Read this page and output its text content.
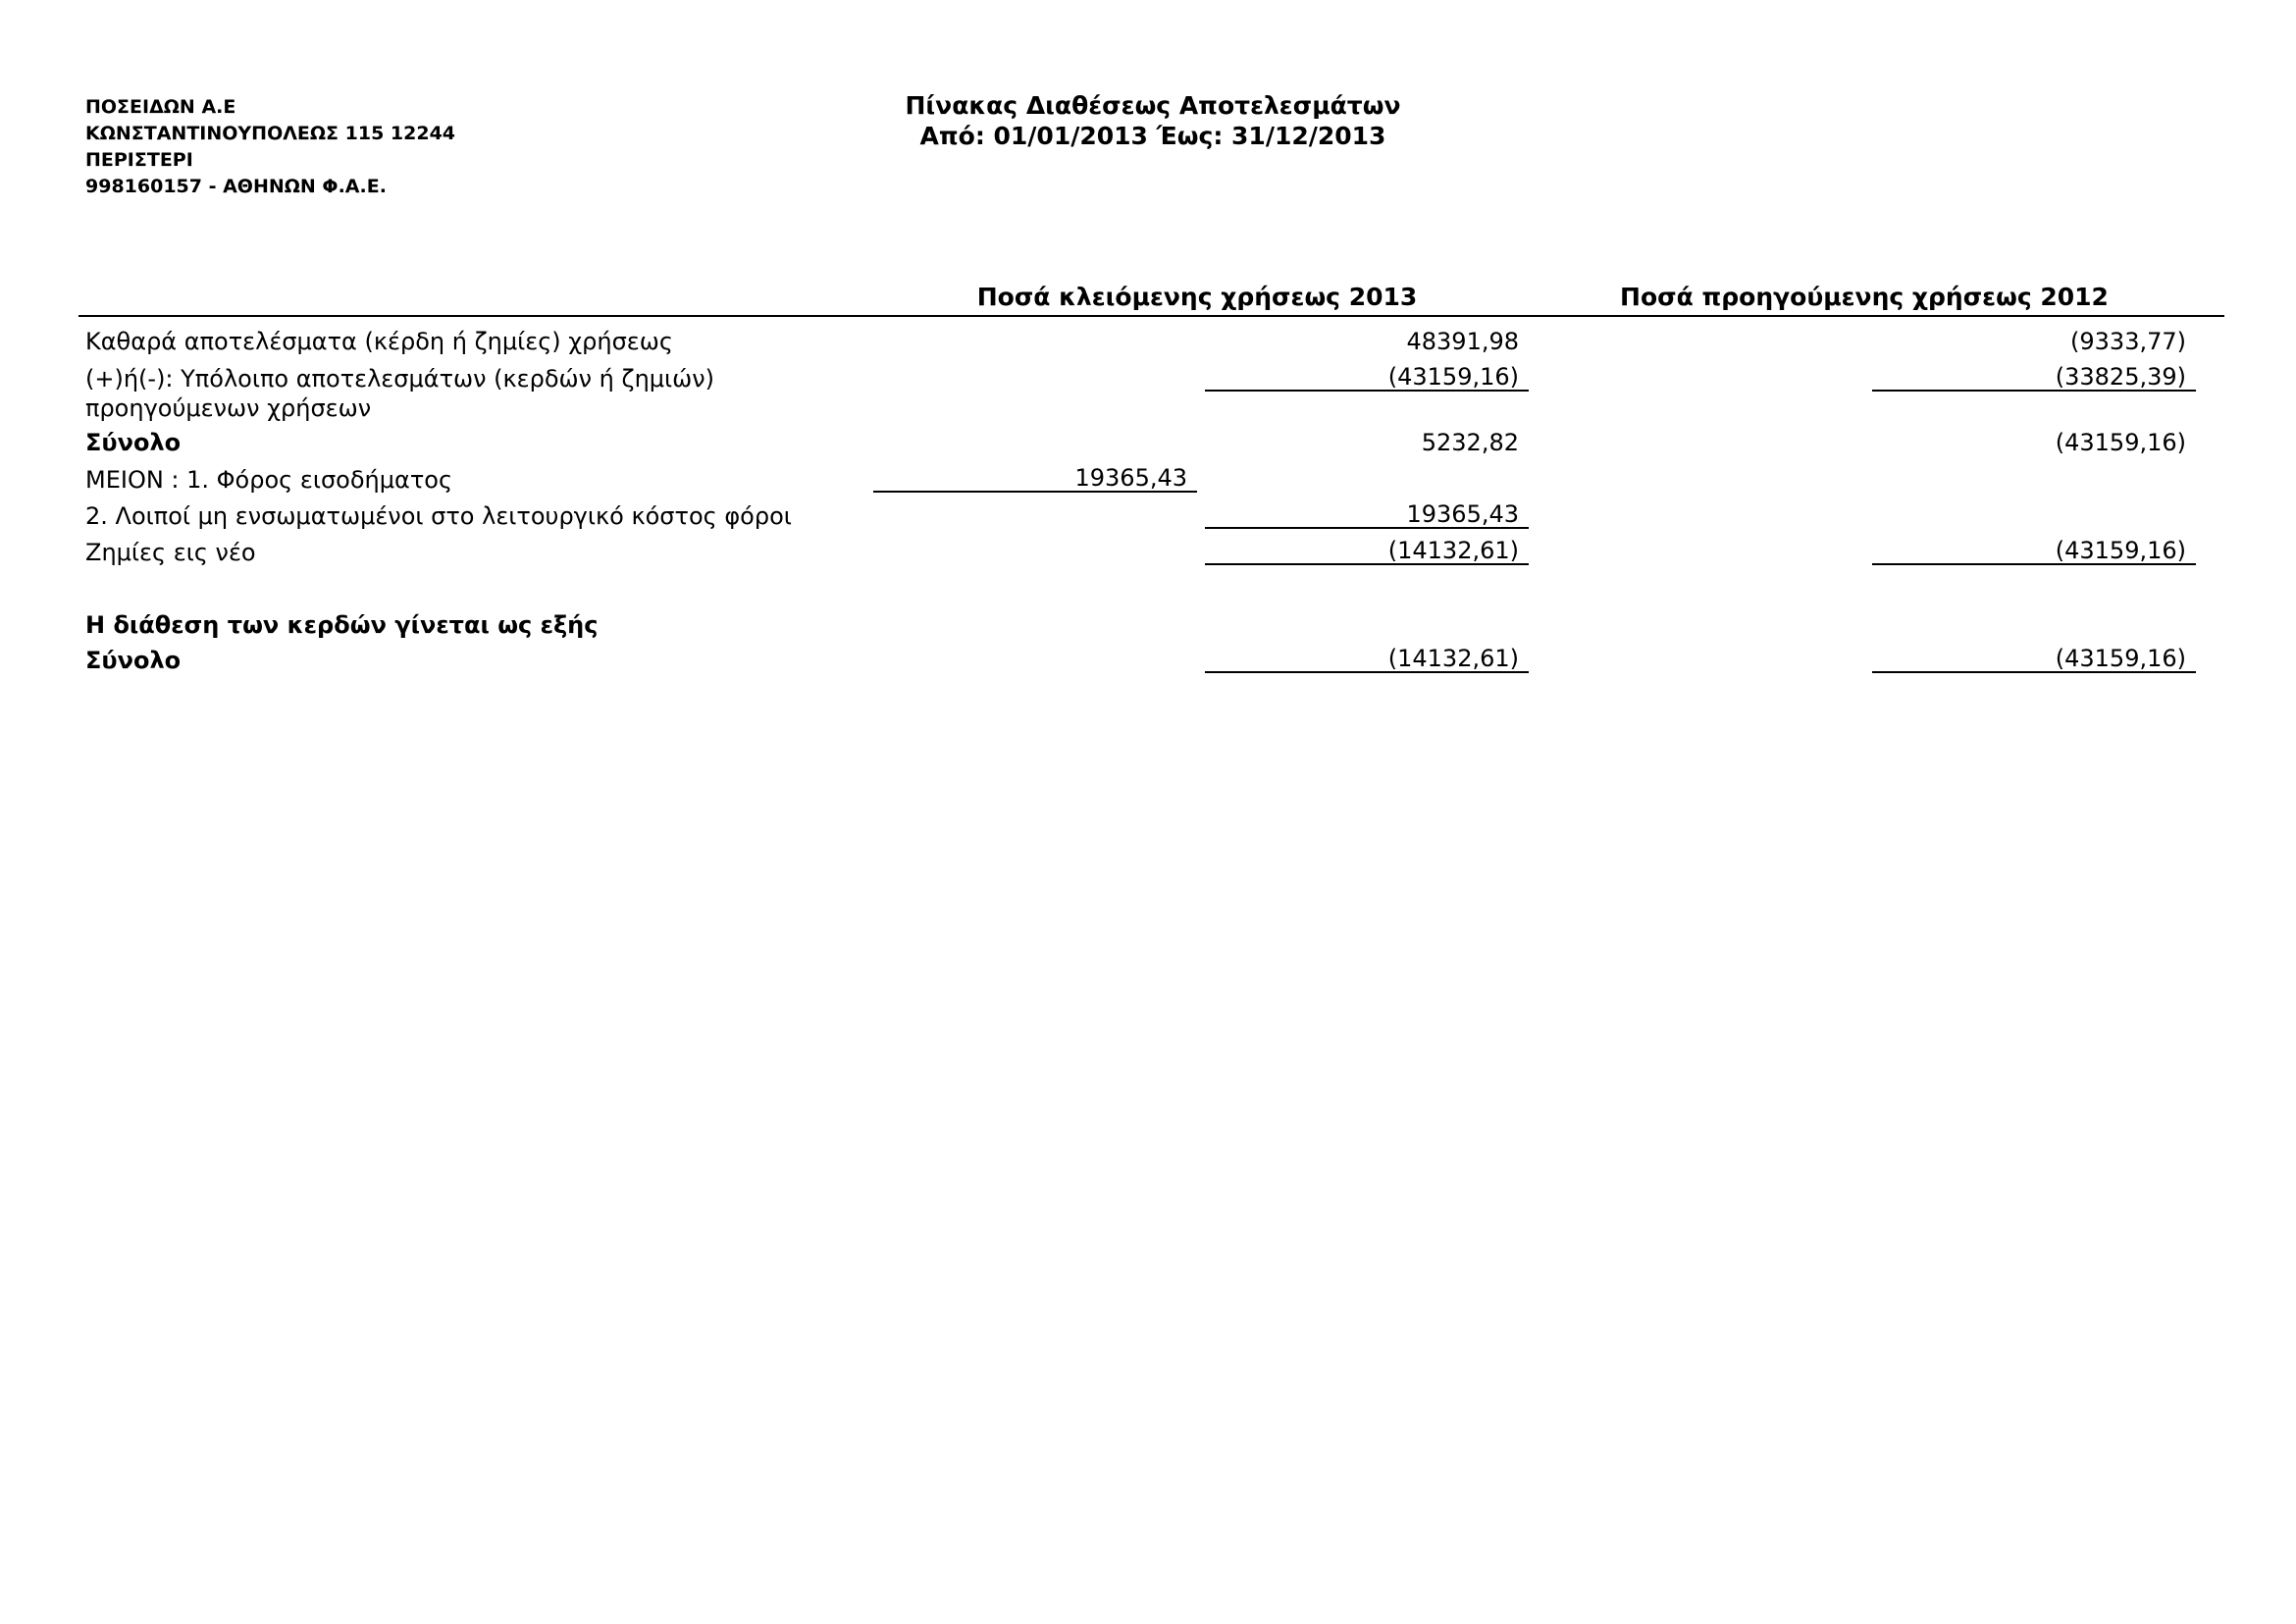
ΠΟΣΕΙΔΩΝ Α.Ε
ΚΩΝΣΤΑΝΤΙΝΟΥΠΟΛΕΩΣ 115 12244
ΠΕΡΙΣΤΕΡΙ
998160157 - ΑΘΗΝΩΝ Φ.Α.Ε.
Πίνακας Διαθέσεως Αποτελεσμάτων
Από: 01/01/2013 Έως: 31/12/2013
Ποσά κλειόμενης χρήσεως 2013	Ποσά προηγούμενης χρήσεως 2012
Καθαρά αποτελέσματα (κέρδη ή ζημίες) χρήσεως	48391,98	(9333,77)
(+)ή(-): Υπόλοιπο αποτελεσμάτων (κερδών ή ζημιών) προηγούμενων χρήσεων
(43159,16)	(33825,39)
Σύνολο	5232,82	(43159,16)
ΜΕΙΟΝ : 1. Φόρος εισοδήματος	19365,43
2. Λοιποί μη ενσωματωμένοι στο λειτουργικό κόστος φόροι	19365,43
Ζημίες εις νέο	(14132,61)	(43159,16)
Η διάθεση των κερδών γίνεται ως εξής
Σύνολο	(14132,61)	(43159,16)
